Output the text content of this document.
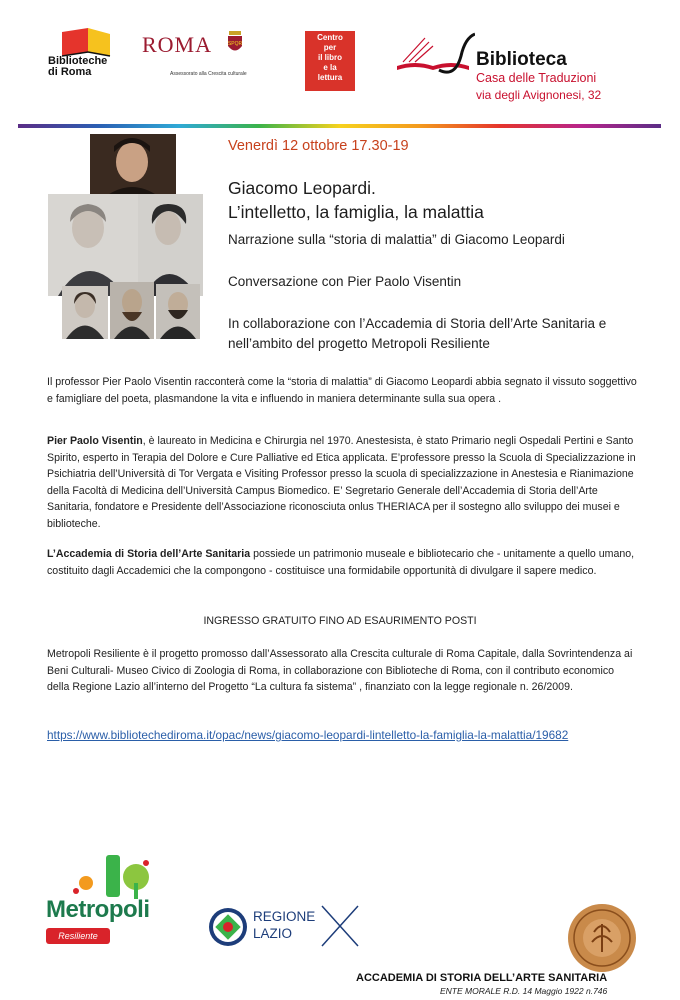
Biblioteche
di Roma
ROMA	SPQR
Assessorato alla Crescita culturale
Centro
per
il libro
e la
lettura
Biblioteca
Casa delle Traduzioni
via degli Avignonesi, 32
Venerdì 12 ottobre 17.30-19
Giacomo Leopardi.
L’intelletto, la famiglia, la malattia
Narrazione sulla “storia di malattia” di Giacomo Leopardi
Conversazione con Pier Paolo Visentin
In collaborazione con l’Accademia di Storia dell’Arte Sanitaria e nell’ambito del progetto Metropoli Resiliente
Il professor Pier Paolo Visentin racconterà come la “storia di malattia” di Giacomo Leopardi abbia segnato il vissuto soggettivo e famigliare del poeta, plasmandone la vita e influendo in maniera determinante sulla sua opera .
Pier Paolo Visentin, è laureato in Medicina e Chirurgia nel 1970. Anestesista, è stato Primario negli Ospedali Pertini e Santo Spirito, esperto in Terapia del Dolore e Cure Palliative ed Etica applicata. E’professore presso la Scuola di Specializzazione in Psichiatria dell’Università di Tor Vergata e Visiting Professor presso la scuola di specializzazione in Anestesia e Rianimazione della Facoltà di Medicina dell’Università Campus Biomedico. E’ Segretario Generale dell’Accademia di Storia dell’Arte Sanitaria, fondatore e Presidente dell’Associazione riconosciuta onlus THERIACA per il sostegno allo sviluppo dei musei e biblioteche.
L’Accademia di Storia dell’Arte Sanitaria possiede un patrimonio museale e bibliotecario che - unitamente a quello umano, costituito dagli Accademici che la compongono - costituisce una formidabile opportunità di divulgare il sapere medico.
INGRESSO GRATUITO FINO AD ESAURIMENTO POSTI
Metropoli Resiliente è il progetto promosso dall’Assessorato alla Crescita culturale di Roma Capitale, dalla Sovrintendenza ai Beni Culturali- Museo Civico di Zoologia di Roma, in collaborazione con Biblioteche di Roma, con il contributo economico della Regione Lazio all’interno del Progetto “La cultura fa sistema” , finanziato con la legge regionale n. 26/2009.
https://www.bibliotechediroma.it/opac/news/giacomo-leopardi-lintelletto-la-famiglia-la-malattia/19682
Metropoli
Resiliente
REGIONE
LAZIO
ACCADEMIA DI STORIA DELL’ARTE SANITARIA
ENTE MORALE R.D. 14 Maggio 1922 n.746
